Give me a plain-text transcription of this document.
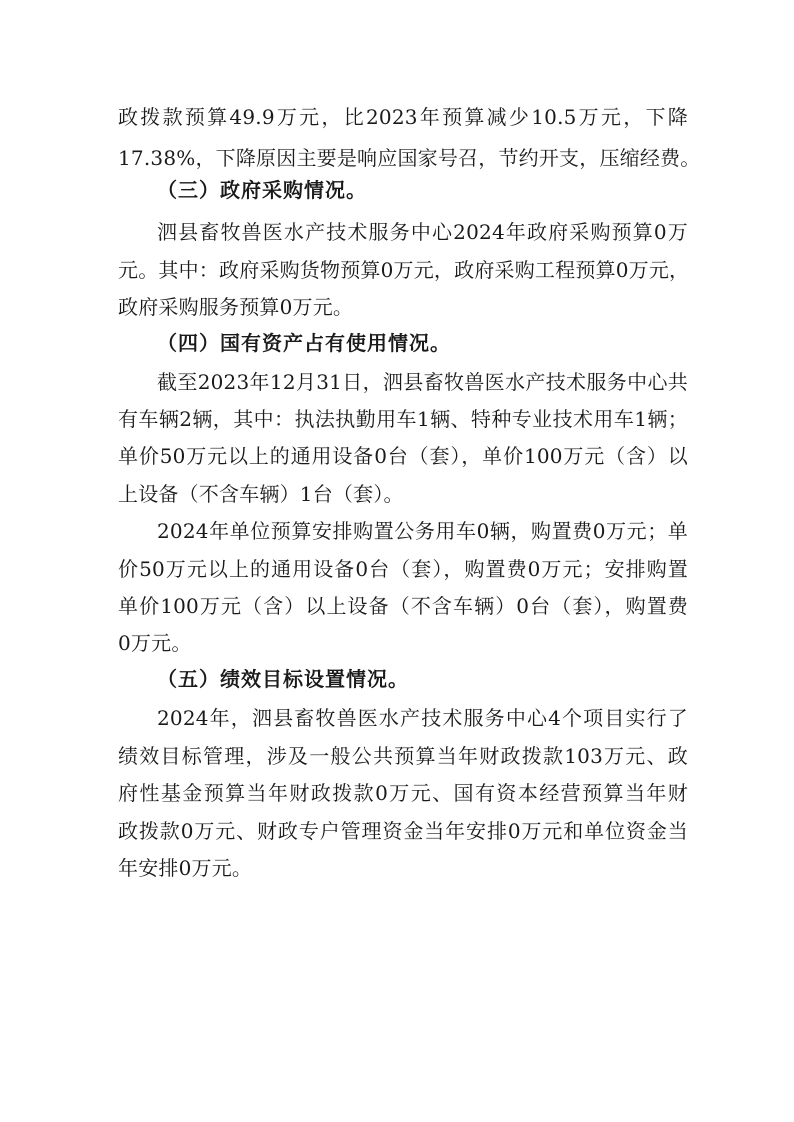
政拨款预算49.9万元，比2023年预算减少10.5万元，下降
17.38%，下降原因主要是响应国家号召，节约开支，压缩经费。
（三）政府采购情况。
泗县畜牧兽医水产技术服务中心2024年政府采购预算0万
元。其中：政府采购货物预算0万元，政府采购工程预算0万元，
政府采购服务预算0万元。
（四）国有资产占有使用情况。
截至2023年12月31日，泗县畜牧兽医水产技术服务中心共
有车辆2辆，其中：执法执勤用车1辆、特种专业技术用车1辆；
单价50万元以上的通用设备0台（套），单价100万元（含）以
上设备（不含车辆）1台（套）。
2024年单位预算安排购置公务用车0辆，购置费0万元；单
价50万元以上的通用设备0台（套），购置费0万元；安排购置
单价100万元（含）以上设备（不含车辆）0台（套），购置费
0万元。
（五）绩效目标设置情况。
2024年，泗县畜牧兽医水产技术服务中心4个项目实行了
绩效目标管理，涉及一般公共预算当年财政拨款103万元、政
府性基金预算当年财政拨款0万元、国有资本经营预算当年财
政拨款0万元、财政专户管理资金当年安排0万元和单位资金当
年安排0万元。
